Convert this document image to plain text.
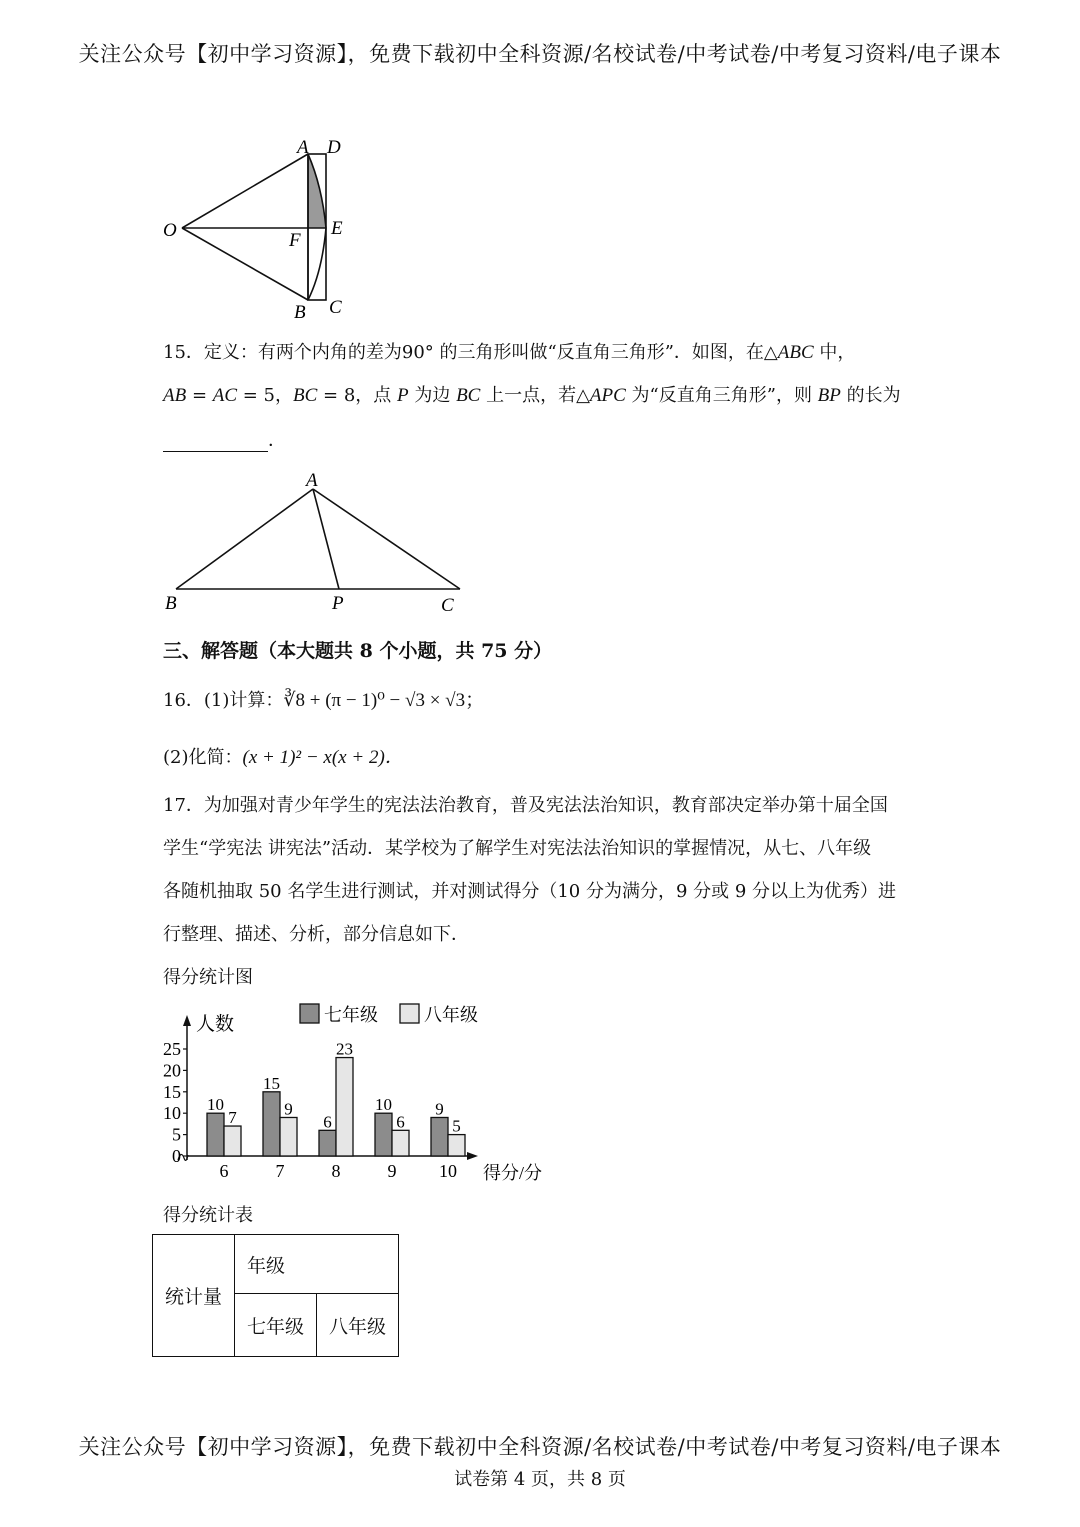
关注公众号【初中学习资源】，免费下载初中全科资源/名校试卷/中考试卷/中考复习资料/电子课本
A D
O	E
F
B C
15．定义：有两个内角的差为90° 的三角形叫做“反直角三角形”．如图，在△ABC 中，
AB = AC = 5，BC = 8，点 P 为边 BC 上一点，若△APC 为“反直角三角形”，则 BP 的长为
．
A
B	P	C
三、解答题（本大题共 8 个小题，共 75 分）
16．(1)计算：∛8 + (π − 1)⁰ − √3 × √3；
(2)化简：(x + 1)² − x(x + 2)．
17．为加强对青少年学生的宪法法治教育，普及宪法法治知识，教育部决定举办第十届全国
学生“学宪法 讲宪法”活动．某学校为了解学生对宪法法治知识的掌握情况，从七、八年级
各随机抽取 50 名学生进行测试，并对测试得分（10 分为满分，9 分或 9 分以上为优秀）进
行整理、描述、分析，部分信息如下．
得分统计图
人数
得分/分
七年级	八年级
0
5
10
15
20
25
6
10
7
7
15
9
8
6
23
9
10
6
10
9
5
得分统计表
统计量	年级	
	七年级	八年级
关注公众号【初中学习资源】，免费下载初中全科资源/名校试卷/中考试卷/中考复习资料/电子课本
试卷第 4 页，共 8 页
